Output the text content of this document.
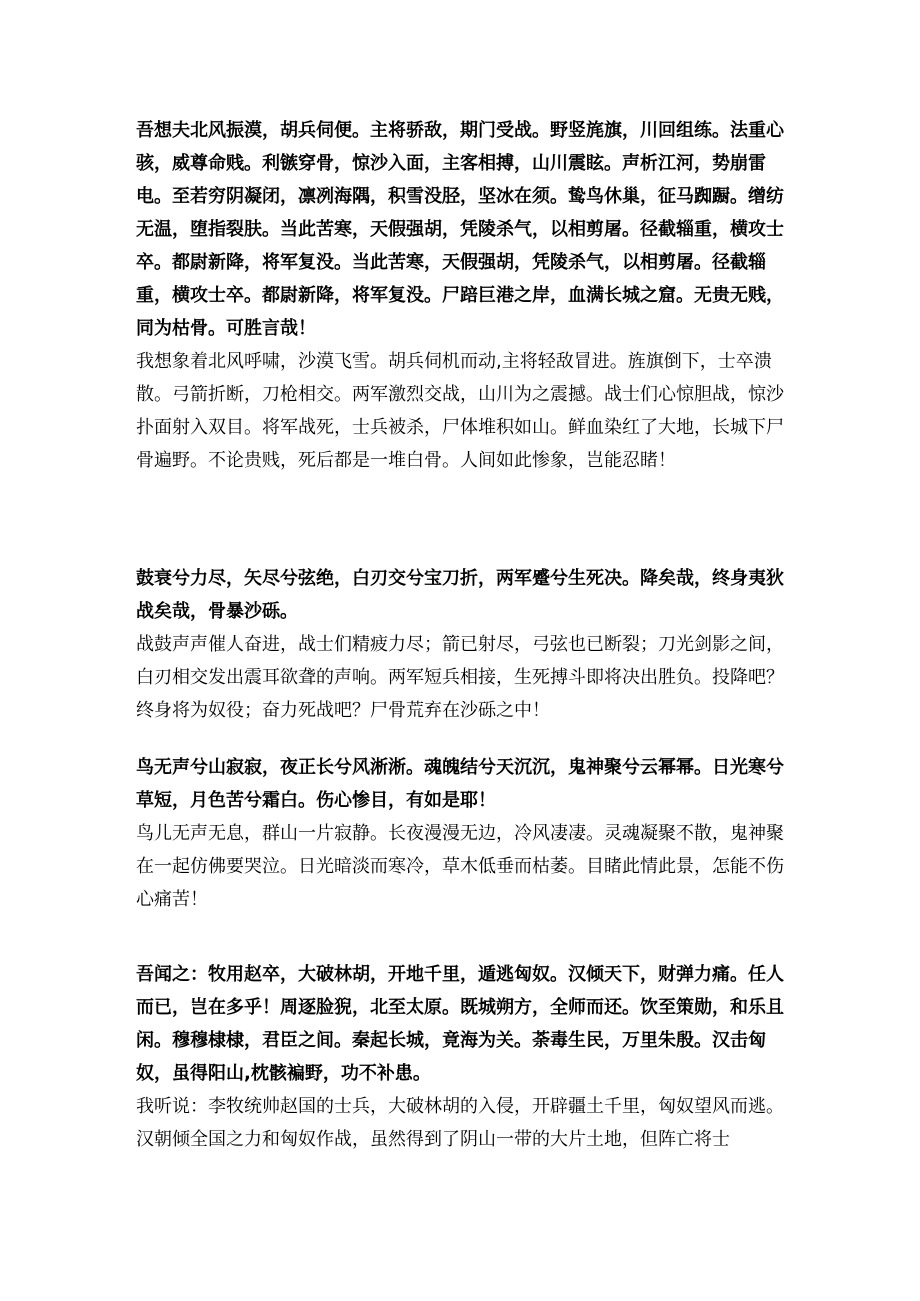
吾想夫北风振漠，胡兵伺便。主将骄敌，期门受战。野竖旄旗，川回组练。法重心骇，威尊命贱。利镞穿骨，惊沙入面，主客相搏，山川震眩。声析江河，势崩雷电。至若穷阴凝闭，凛冽海隅，积雪没胫，坚冰在须。鸷鸟休巢，征马踟蹰。缯纺无温，堕指裂肤。当此苦寒，天假强胡，凭陵杀气，以相剪屠。径截辎重，横攻士卒。都尉新降，将军复没。当此苦寒，天假强胡，凭陵杀气，以相剪屠。径截辎重，横攻士卒。都尉新降，将军复没。尸踣巨港之岸，血满长城之窟。无贵无贱，同为枯骨。可胜言哉！

我想象着北风呼啸，沙漠飞雪。胡兵伺机而动,主将轻敌冒进。旌旗倒下，士卒溃散。弓箭折断，刀枪相交。两军激烈交战，山川为之震撼。战士们心惊胆战，惊沙扑面射入双目。将军战死，士兵被杀，尸体堆积如山。鲜血染红了大地，长城下尸骨遍野。不论贵贱，死后都是一堆白骨。人间如此惨象，岂能忍睹！

鼓衰兮力尽，矢尽兮弦绝，白刃交兮宝刀折，两军蹙兮生死决。降矣哉，终身夷狄战矣哉，骨暴沙砾。

战鼓声声催人奋进，战士们精疲力尽；箭已射尽，弓弦也已断裂；刀光剑影之间，白刃相交发出震耳欲聋的声响。两军短兵相接，生死搏斗即将决出胜负。投降吧？终身将为奴役；奋力死战吧？尸骨荒弃在沙砾之中！

鸟无声兮山寂寂，夜正长兮风淅淅。魂魄结兮天沉沉，鬼神聚兮云幂幂。日光寒兮草短，月色苦兮霜白。伤心惨目，有如是耶！

鸟儿无声无息，群山一片寂静。长夜漫漫无边，冷风凄凄。灵魂凝聚不散，鬼神聚在一起仿佛要哭泣。日光暗淡而寒冷，草木低垂而枯萎。目睹此情此景，怎能不伤心痛苦！

吾闻之：牧用赵卒，大破林胡，开地千里，遁逃匈奴。汉倾天下，财弹力痛。任人而已，岂在多乎！周逐脸猊，北至太原。既城朔方，全师而还。饮至策勋，和乐且闲。穆穆棣棣，君臣之间。秦起长城，竟海为关。荼毒生民，万里朱殷。汉击匈奴，虽得阳山,枕骸褊野，功不补患。

我听说：李牧统帅赵国的士兵，大破林胡的入侵，开辟疆土千里，匈奴望风而逃。汉朝倾全国之力和匈奴作战，虽然得到了阴山一带的大片土地，但阵亡将士
